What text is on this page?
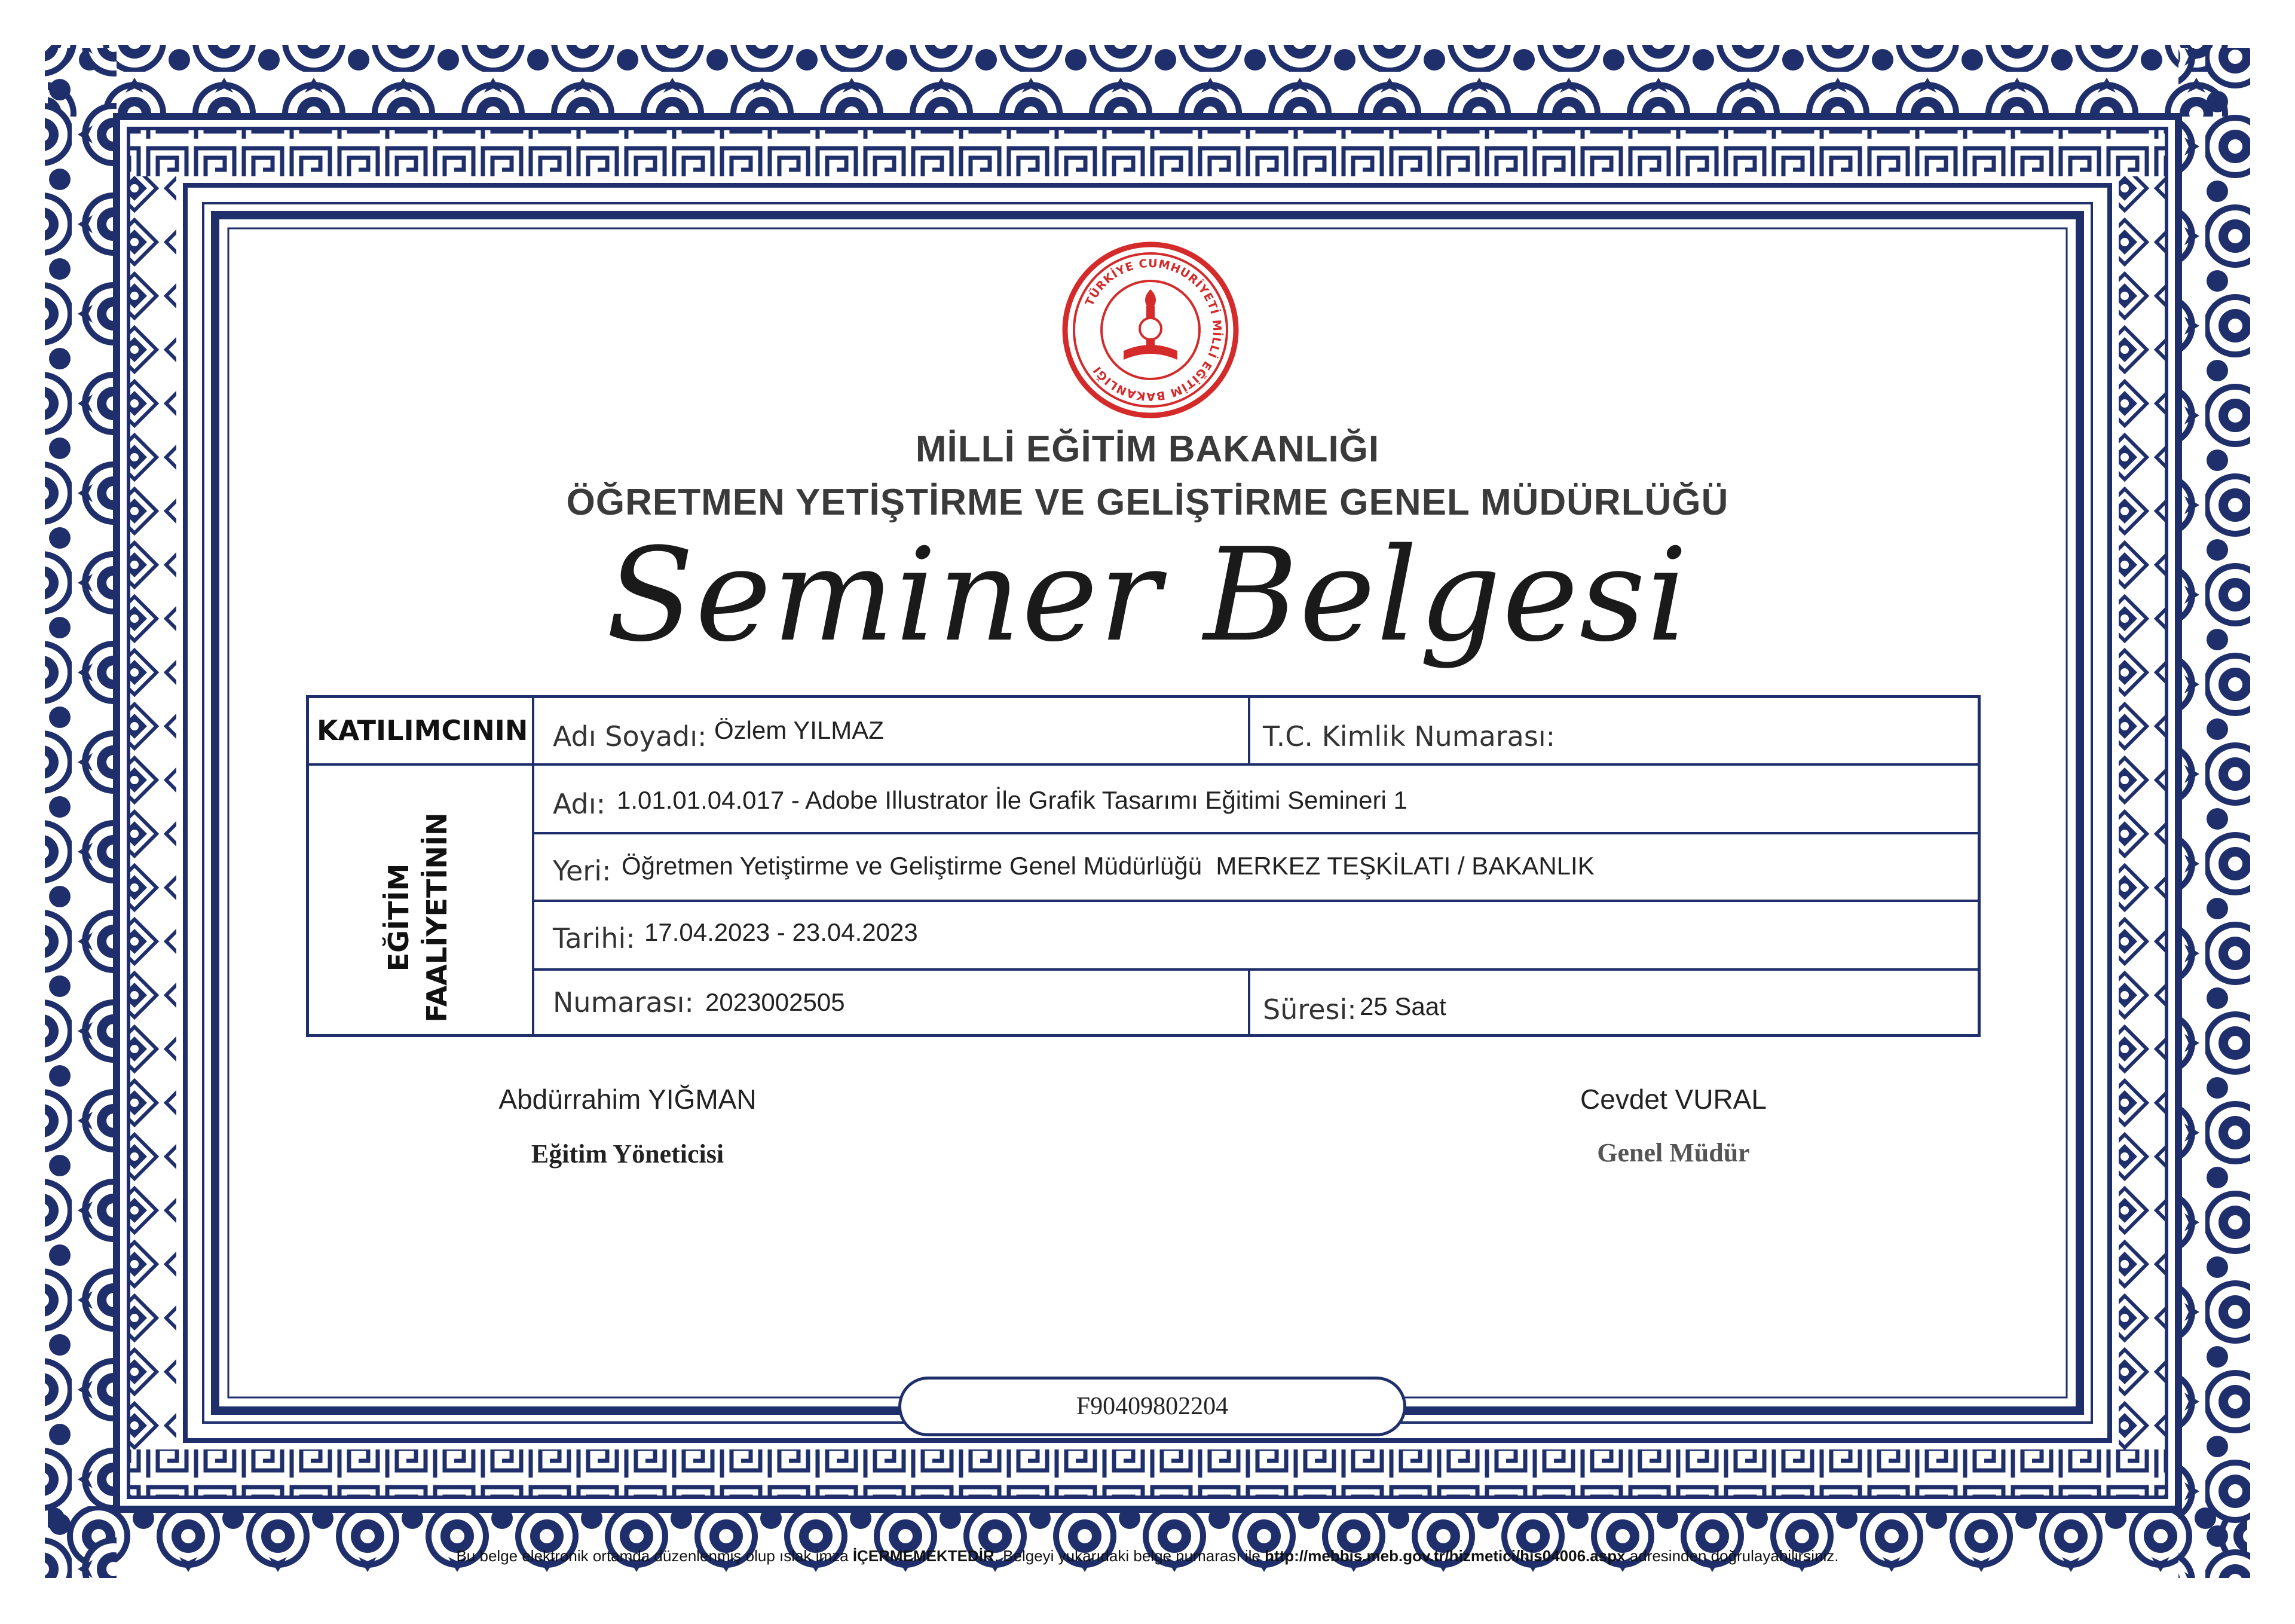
TÜRKİYE CUMHURİYETİ MİLLİ EĞİTİM BAKANLIĞI
MİLLİ EĞİTİM BAKANLIĞI
ÖĞRETMEN YETİŞTİRME VE GELİŞTİRME GENEL MÜDÜRLÜĞÜ
Seminer Belgesi
KATILIMCININ Adı Soyadı: Özlem YILMAZ	T.C. Kimlik Numarası:
EĞİTİM FAALİYETİNİN
Adı: 1.01.01.04.017 - Adobe Illustrator İle Grafik Tasarımı Eğitimi Semineri 1
Yeri: Öğretmen Yetiştirme ve Geliştirme Genel Müdürlüğü  MERKEZ TEŞKİLATI / BAKANLIK
Tarihi: 17.04.2023 - 23.04.2023
Numarası: 2023002505	Süresi: 25 Saat
Abdürrahim YIĞMAN
Eğitim Yöneticisi
Cevdet VURAL
Genel Müdür
F90409802204
Bu belge elektronik ortamda düzenlenmiş olup ıslak imza İÇERMEMEKTEDİR. Belgeyi yukarıdaki belge numarası ile http://mebbis.meb.gov.tr/hizmetici/his04006.aspx adresinden doğrulayabilirsiniz.
